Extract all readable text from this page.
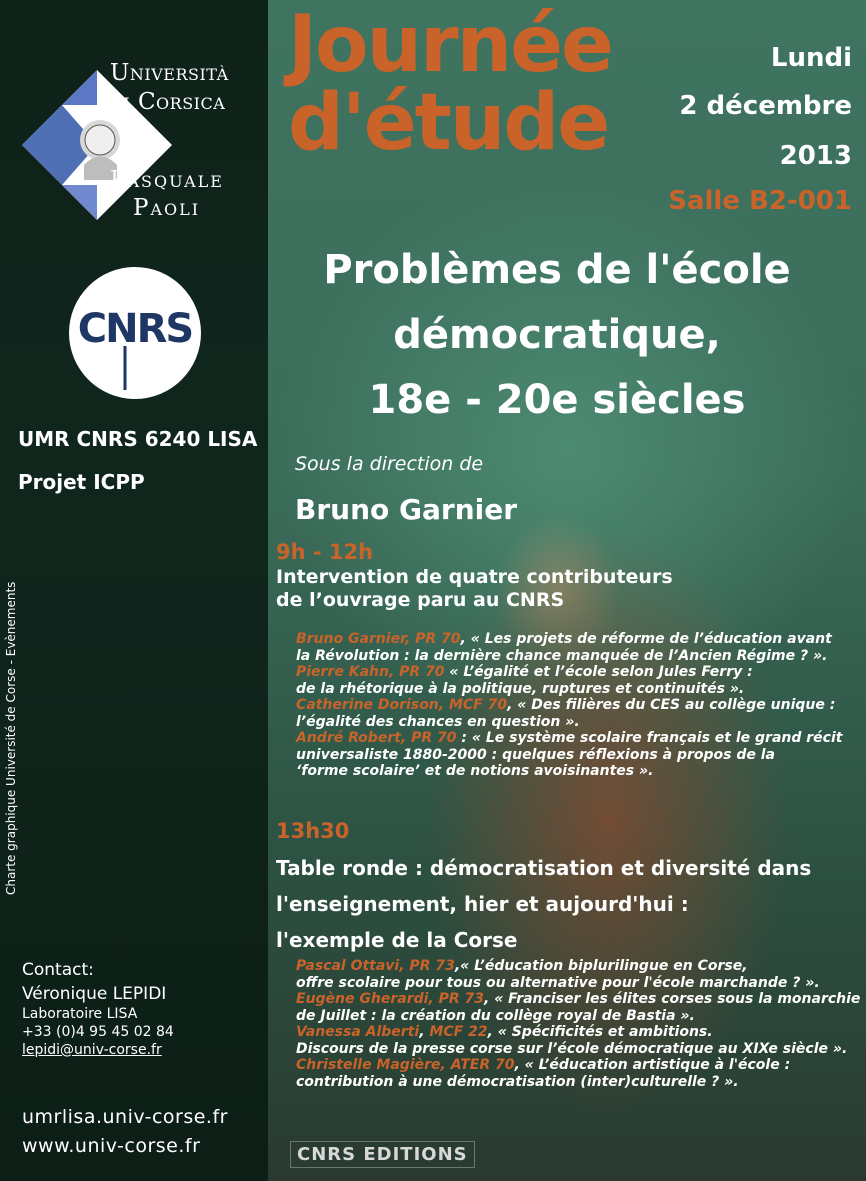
Università
di Corsica
Pasquale
Paoli
CNRS
UMR CNRS 6240 LISA
Projet ICPP
Charte graphique Université de Corse - Evènements
Contact:
Véronique LEPIDI
Laboratoire LISA
+33 (0)4 95 45 02 84
lepidi@univ-corse.fr
umrlisa.univ-corse.fr
www.univ-corse.fr
Journée
d'étude
Lundi
2 décembre
2013
Salle B2-001
Problèmes de l'école
démocratique,
18e - 20e siècles
Sous la direction de
Bruno Garnier
9h - 12h
Intervention de quatre contributeurs
de l’ouvrage paru au CNRS
Bruno Garnier, PR 70, « Les projets de réforme de l’éducation avant
la Révolution : la dernière chance manquée de l’Ancien Régime ? ».
Pierre Kahn, PR 70 « L’égalité et l’école selon Jules Ferry :
de la rhétorique à la politique, ruptures et continuités ».
Catherine Dorison, MCF 70, « Des filières du CES au collège unique :
l’égalité des chances en question ».
André Robert, PR 70 : « Le système scolaire français et le grand récit
universaliste 1880-2000 : quelques réflexions à propos de la
‘forme scolaire’ et de notions avoisinantes ».
13h30
Table ronde : démocratisation et diversité dans
l'enseignement, hier et aujourd'hui :
l'exemple de la Corse
Pascal Ottavi, PR 73,« L’éducation biplurilingue en Corse,
offre scolaire pour tous ou alternative pour l'école marchande ? ».
Eugène Gherardi, PR 73, « Franciser les élites corses sous la monarchie
de Juillet : la création du collège royal de Bastia ».
Vanessa Alberti, MCF 22, « Spécificités et ambitions.
Discours de la presse corse sur l’école démocratique au XIXe siècle ».
Christelle Magière, ATER 70, « L’éducation artistique à l'école :
contribution à une démocratisation (inter)culturelle ? ».
CNRS EDITIONS
